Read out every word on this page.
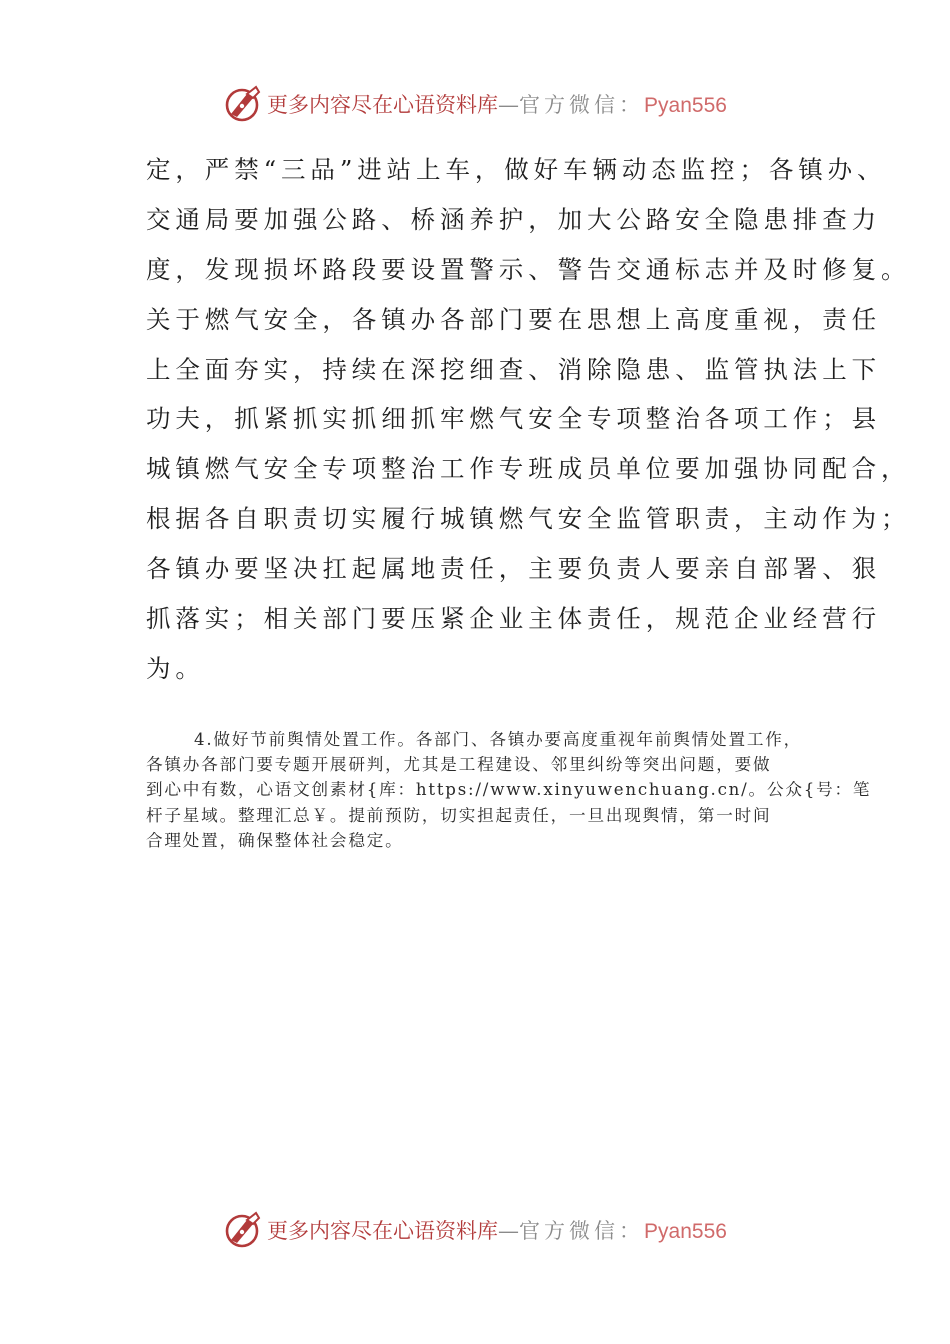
更多内容尽在心语资料库—官方微信：Pyan556
定，严禁“三品”进站上车，做好车辆动态监控；各镇办、
交通局要加强公路、桥涵养护，加大公路安全隐患排查力
度，发现损坏路段要设置警示、警告交通标志并及时修复。
关于燃气安全，各镇办各部门要在思想上高度重视，责任
上全面夯实，持续在深挖细查、消除隐患、监管执法上下
功夫，抓紧抓实抓细抓牢燃气安全专项整治各项工作；县
城镇燃气安全专项整治工作专班成员单位要加强协同配合，
根据各自职责切实履行城镇燃气安全监管职责，主动作为；
各镇办要坚决扛起属地责任，主要负责人要亲自部署、狠
抓落实；相关部门要压紧企业主体责任，规范企业经营行
为。
4.做好节前舆情处置工作。各部门、各镇办要高度重视年前舆情处置工作，
各镇办各部门要专题开展研判，尤其是工程建设、邻里纠纷等突出问题，要做
到心中有数，心语文创素材{库：https://www.xinyuwenchuang.cn/。公众{号：笔
杆子星域。整理汇总￥。提前预防，切实担起责任，一旦出现舆情，第一时间
合理处置，确保整体社会稳定。
更多内容尽在心语资料库—官方微信：Pyan556
